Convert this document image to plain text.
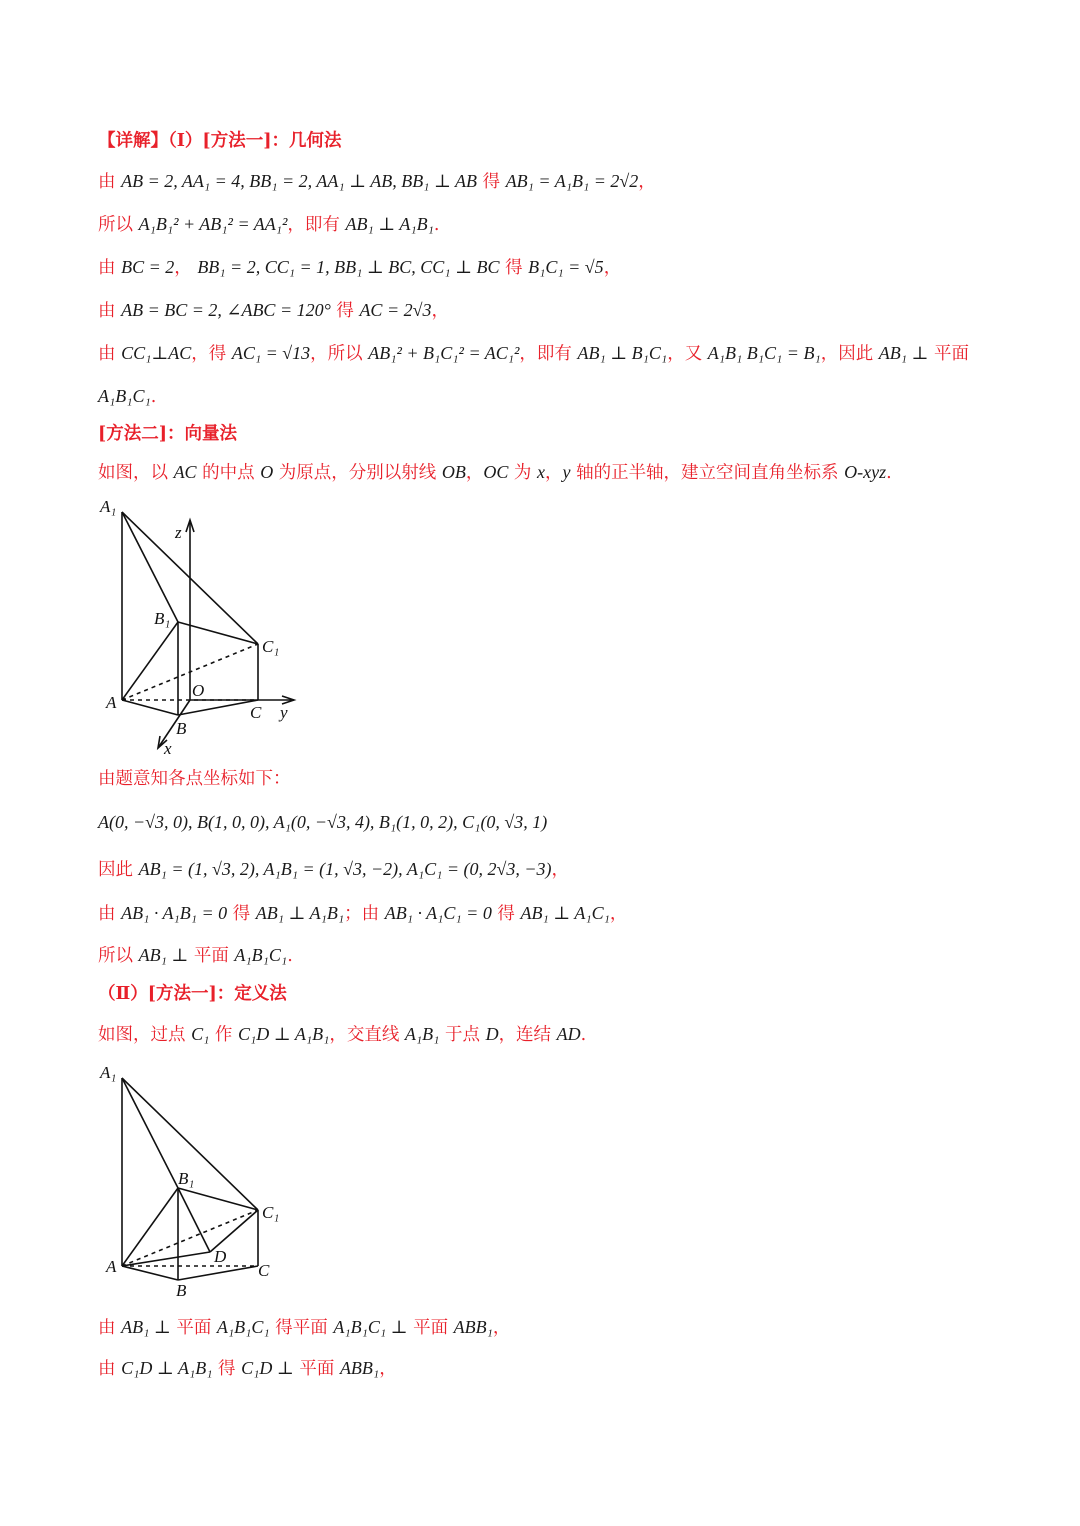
【详解】（Ⅰ）[方法一]：几何法
由 AB = 2, AA₁ = 4, BB₁ = 2, AA₁ ⊥ AB, BB₁ ⊥ AB 得 AB₁ = A₁B₁ = 2√2，
所以 A₁B₁² + AB₁² = AA₁²，即有 AB₁ ⊥ A₁B₁.
由 BC = 2， BB₁ = 2, CC₁ = 1, BB₁ ⊥ BC, CC₁ ⊥ BC 得 B₁C₁ = √5，
由 AB = BC = 2, ∠ABC = 120° 得 AC = 2√3，
由 CC₁⊥AC，得 AC₁ = √13，所以 AB₁² + B₁C₁² = AC₁²，即有 AB₁ ⊥ B₁C₁，又 A₁B₁ B₁C₁ = B₁，因此 AB₁ ⊥ 平面
A₁B₁C₁.
[方法二]：向量法
如图，以 AC 的中点 O 为原点，分别以射线 OB，OC 为 x，y 轴的正半轴，建立空间直角坐标系 O-xyz.
由题意知各点坐标如下：
A(0, −√3, 0), B(1, 0, 0), A₁(0, −√3, 4), B₁(1, 0, 2), C₁(0, √3, 1)
因此 AB₁ = (1, √3, 2), A₁B₁ = (1, √3, −2), A₁C₁ = (0, 2√3, −3)，
由 AB₁ · A₁B₁ = 0 得 AB₁ ⊥ A₁B₁；由 AB₁ · A₁C₁ = 0 得 AB₁ ⊥ A₁C₁，
所以 AB₁ ⊥ 平面 A₁B₁C₁.
（Ⅱ）[方法一]：定义法
如图，过点 C₁ 作 C₁D ⊥ A₁B₁，交直线 A₁B₁ 于点 D，连结 AD.
由 AB₁ ⊥ 平面 A₁B₁C₁ 得平面 A₁B₁C₁ ⊥ 平面 ABB₁，
由 C₁D ⊥ A₁B₁ 得 C₁D ⊥ 平面 ABB₁，
A₁
z
B₁
C₁
O
A
C y
B
x
A₁
B₁
C₁
D
A	C
B
